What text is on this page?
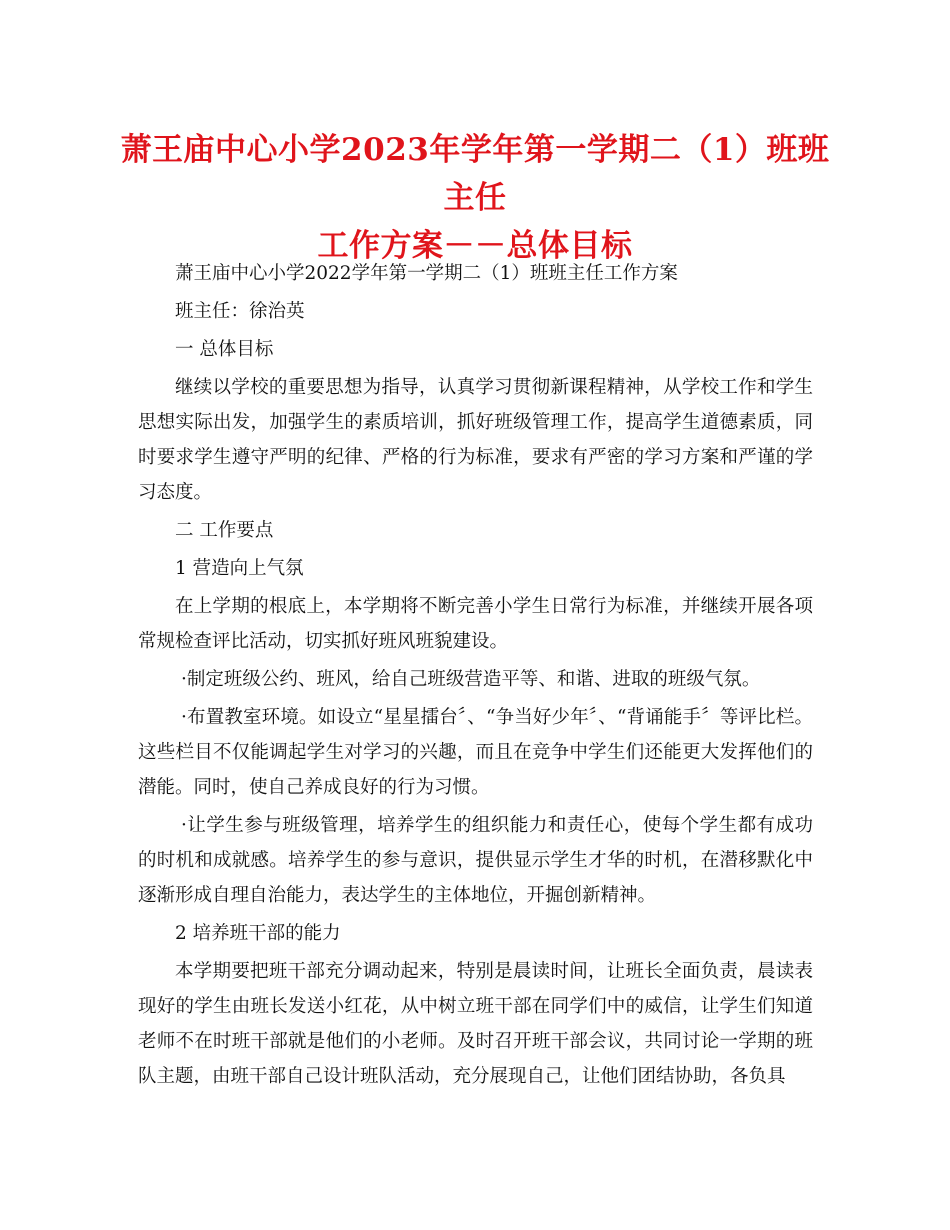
萧王庙中心小学2023年学年第一学期二（1）班班主任
工作方案－－总体目标

萧王庙中心小学2022学年第一学期二（1）班班主任工作方案

班主任：徐治英

一 总体目标

继续以学校的重要思想为指导，认真学习贯彻新课程精神，从学校工作和学生思想实际出发，加强学生的素质培训，抓好班级管理工作，提高学生道德素质，同时要求学生遵守严明的纪律、严格的行为标准，要求有严密的学习方案和严谨的学习态度。

二 工作要点

1 营造向上气氛

在上学期的根底上，本学期将不断完善小学生日常行为标准，并继续开展各项常规检查评比活动，切实抓好班风班貌建设。

·制定班级公约、班风，给自己班级营造平等、和谐、进取的班级气氛。

·布置教室环境。如设立“星星擂台〞、“争当好少年〞、“背诵能手〞等评比栏。这些栏目不仅能调起学生对学习的兴趣，而且在竞争中学生们还能更大发挥他们的潜能。同时，使自己养成良好的行为习惯。

·让学生参与班级管理，培养学生的组织能力和责任心，使每个学生都有成功的时机和成就感。培养学生的参与意识，提供显示学生才华的时机，在潜移默化中逐渐形成自理自治能力，表达学生的主体地位，开掘创新精神。

2 培养班干部的能力

本学期要把班干部充分调动起来，特别是晨读时间，让班长全面负责，晨读表现好的学生由班长发送小红花，从中树立班干部在同学们中的威信，让学生们知道老师不在时班干部就是他们的小老师。及时召开班干部会议，共同讨论一学期的班队主题，由班干部自己设计班队活动，充分展现自己，让他们团结协助，各负具
